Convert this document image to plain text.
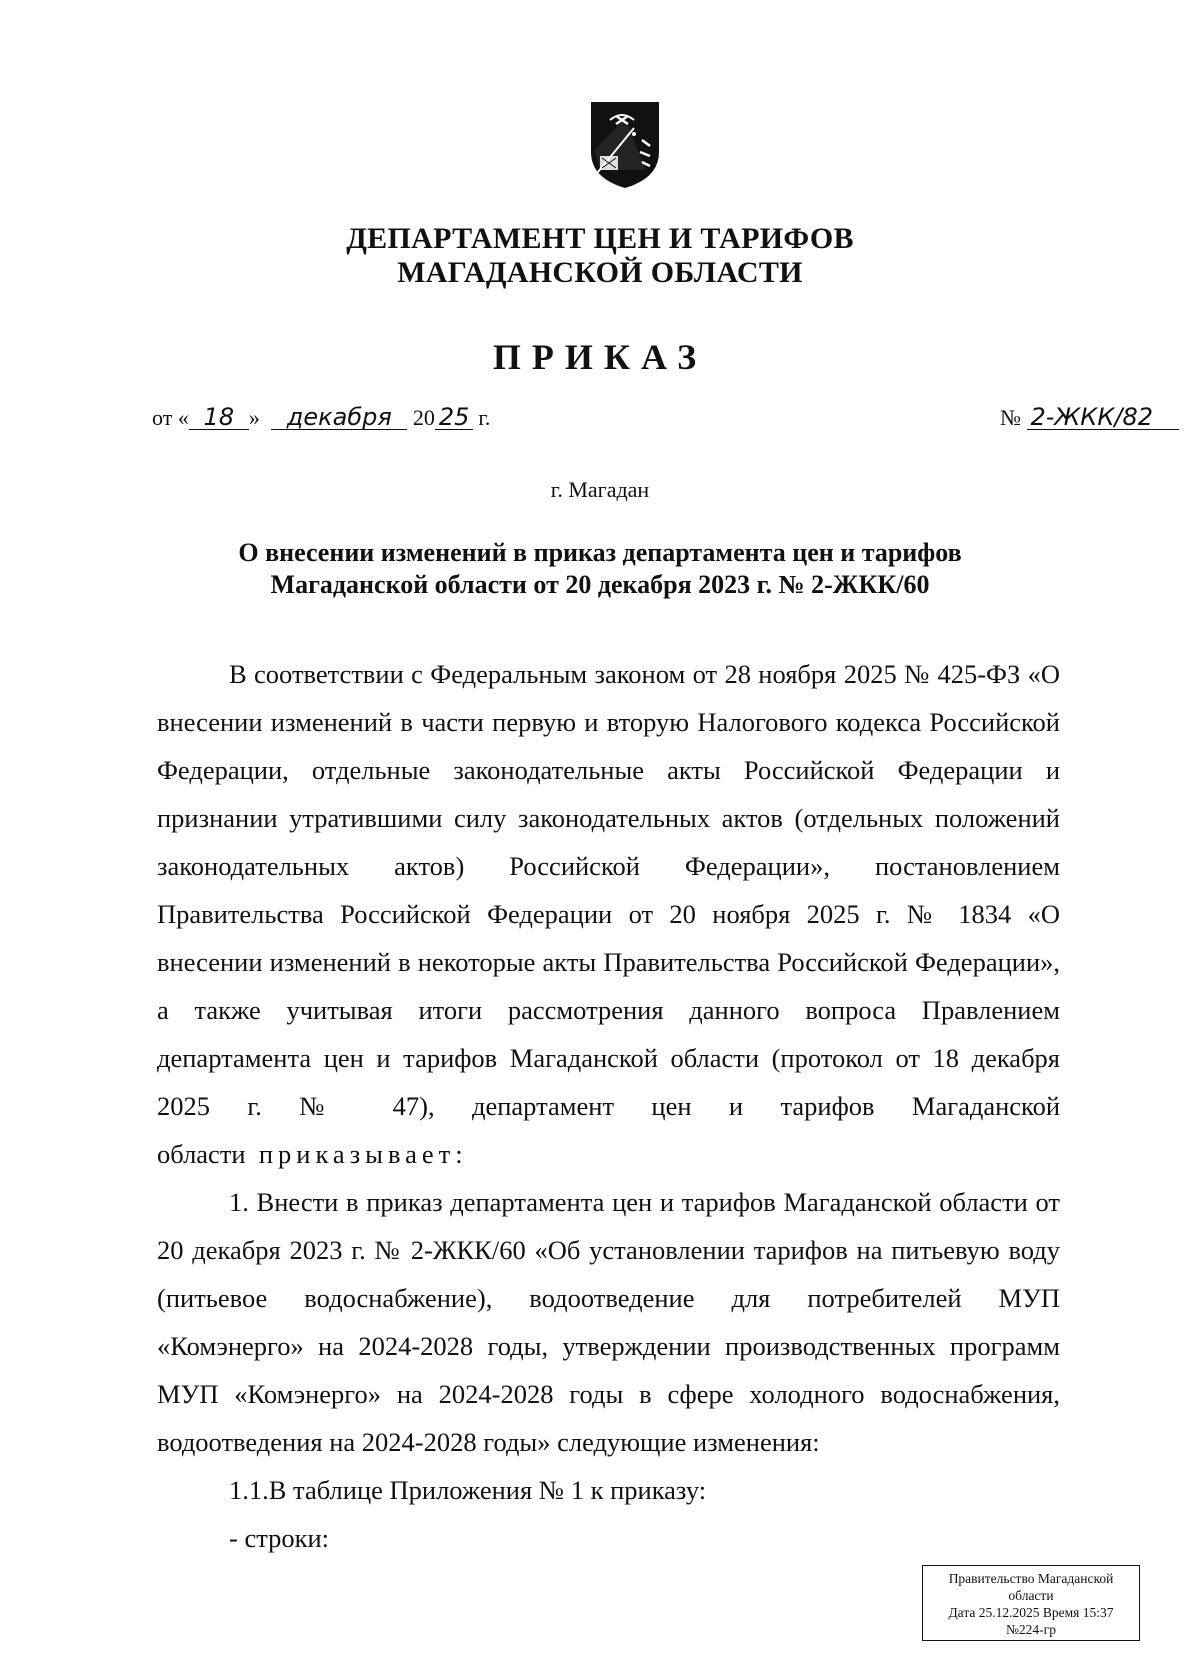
ДЕПАРТАМЕНТ ЦЕН И ТАРИФОВ
МАГАДАНСКОЙ ОБЛАСТИ
ПРИКАЗ
от « 18 » декабря 20 25 г.	№ 2-ЖКК/82
г. Магадан
О внесении изменений в приказ департамента цен и тарифов
Магаданской области от 20 декабря 2023 г. № 2-ЖКК/60

В соответствии с Федеральным законом от 28 ноября 2025 № 425-ФЗ «О внесении изменений в части первую и вторую Налогового кодекса Российской Федерации, отдельные законодательные акты Российской Федерации и признании утратившими силу законодательных актов (отдельных положений законодательных актов) Российской Федерации», постановлением Правительства Российской Федерации от 20 ноября 2025 г. № 1834 «О внесении изменений в некоторые акты Правительства Российской Федерации», а также учитывая итоги рассмотрения данного вопроса Правлением департамента цен и тарифов Магаданской области (протокол от 18 декабря 2025 г. № 47), департамент цен и тарифов Магаданской области приказывает:

1. Внести в приказ департамента цен и тарифов Магаданской области от 20 декабря 2023 г. № 2-ЖКК/60 «Об установлении тарифов на питьевую воду (питьевое водоснабжение), водоотведение для потребителей МУП «Комэнерго» на 2024-2028 годы, утверждении производственных программ МУП «Комэнерго» на 2024-2028 годы в сфере холодного водоснабжения, водоотведения на 2024-2028 годы» следующие изменения:

1.1.В таблице Приложения № 1 к приказу:

- строки:

Правительство Магаданской
области
Дата 25.12.2025 Время 15:37
№224-гр
